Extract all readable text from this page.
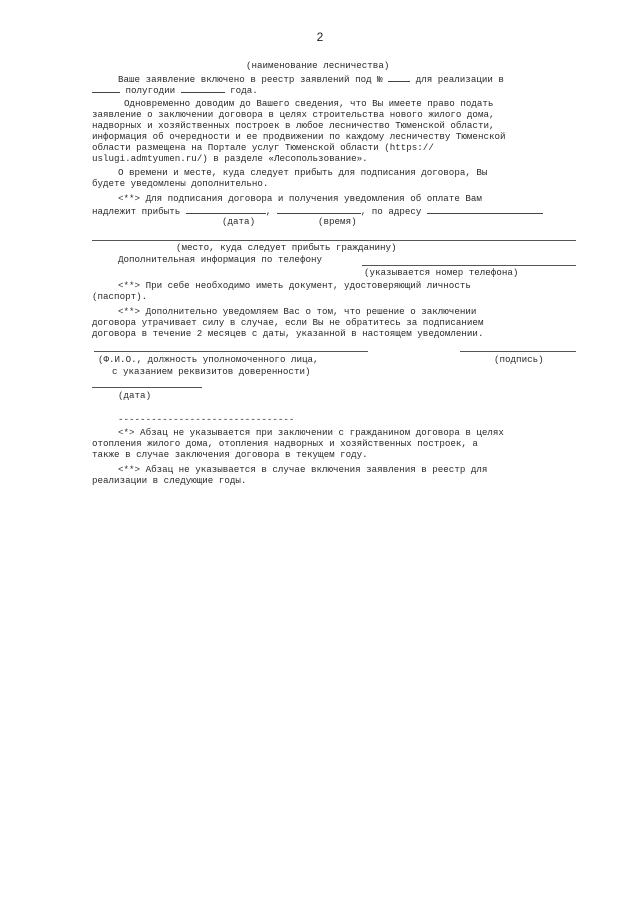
2
(наименование лесничества)
Ваше заявление включено в реестр заявлений под №	для реализации в
полугодии	года.
Одновременно доводим до Вашего сведения, что Вы имеете право подать
заявление о заключении договора в целях строительства нового жилого дома,
надворных и хозяйственных построек в любое лесничество Тюменской области,
информация об очередности и ее продвижении по каждому лесничеству Тюменской
области размещена на Портале услуг Тюменской области (https://
uslugi.admtyumen.ru/) в разделе «Лесопользование».
О времени и месте, куда следует прибыть для подписания договора, Вы
будете уведомлены дополнительно.
<**> Для подписания договора и получения уведомления об оплате Вам
надлежит прибыть	,	, по адресу
(дата)	(время)
(место, куда следует прибыть гражданину)
Дополнительная информация по телефону
(указывается номер телефона)
<**> При себе необходимо иметь документ, удостоверяющий личность
(паспорт).
<**> Дополнительно уведомляем Вас о том, что решение о заключении
договора утрачивает силу в случае, если Вы не обратитесь за подписанием
договора в течение 2 месяцев с даты, указанной в настоящем уведомлении.
(Ф.И.О., должность уполномоченного лица,	(подпись)
с указанием реквизитов доверенности)
(дата)
--------------------------------
<*> Абзац не указывается при заключении с гражданином договора в целях
отопления жилого дома, отопления надворных и хозяйственных построек, а
также в случае заключения договора в текущем году.
<**> Абзац не указывается в случае включения заявления в реестр для
реализации в следующие годы.
